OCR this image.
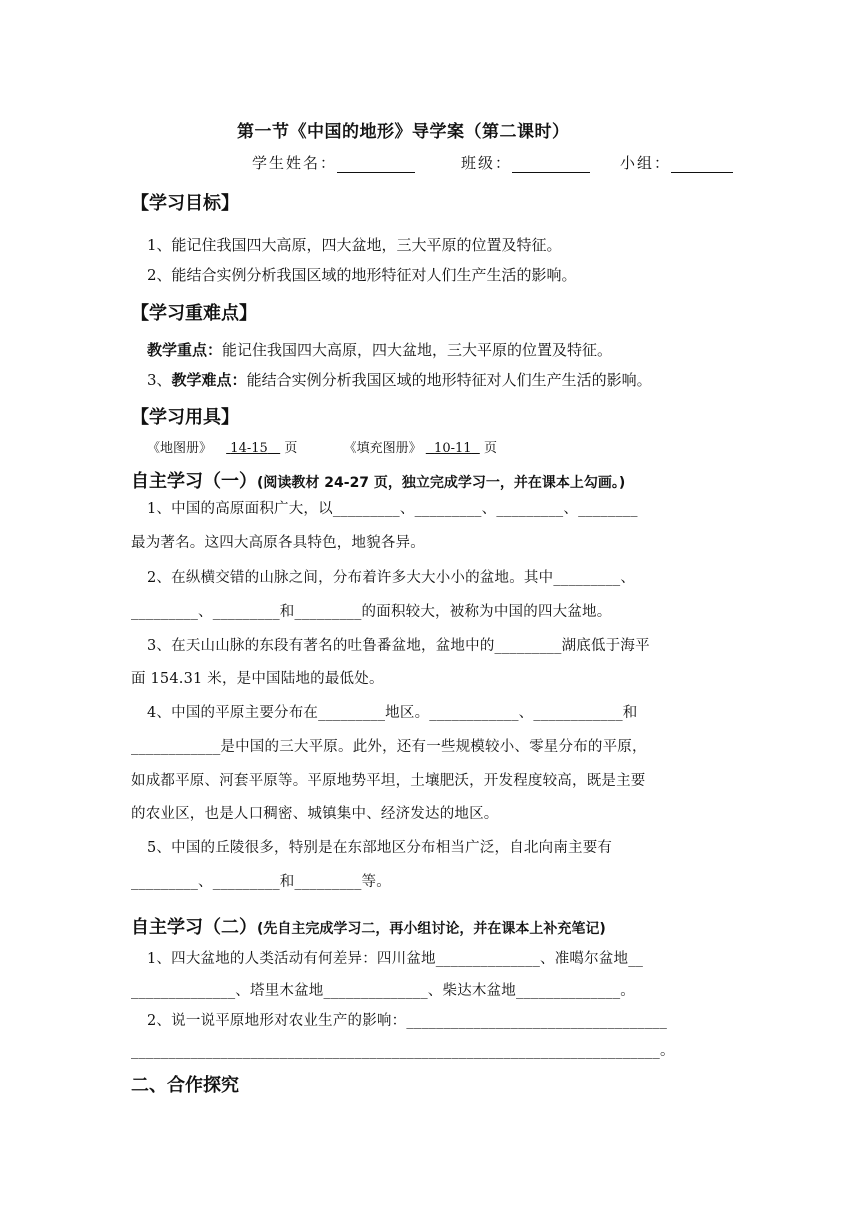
第一节《中国的地形》导学案（第二课时）
学生姓名：	班级：	小组：
【学习目标】
1、能记住我国四大高原，四大盆地，三大平原的位置及特征。
2、能结合实例分析我国区域的地形特征对人们生产生活的影响。
【学习重难点】
教学重点：能记住我国四大高原，四大盆地，三大平原的位置及特征。
3、教学难点：能结合实例分析我国区域的地形特征对人们生产生活的影响。
【学习用具】
《地图册》 14-15 页	《填充图册》 10-11 页
自主学习（一）(阅读教材 24-27 页，独立完成学习一，并在课本上勾画。)
1、中国的高原面积广大，以_________、_________、_________、________
最为著名。这四大高原各具特色，地貌各异。
2、在纵横交错的山脉之间，分布着许多大大小小的盆地。其中_________、
_________、_________和_________的面积较大，被称为中国的四大盆地。
3、在天山山脉的东段有著名的吐鲁番盆地，盆地中的_________湖底低于海平
面 154.31 米，是中国陆地的最低处。
4、中国的平原主要分布在_________地区。____________、____________和
____________是中国的三大平原。此外，还有一些规模较小、零星分布的平原，
如成都平原、河套平原等。平原地势平坦，土壤肥沃，开发程度较高，既是主要
的农业区，也是人口稠密、城镇集中、经济发达的地区。
5、中国的丘陵很多，特别是在东部地区分布相当广泛，自北向南主要有
_________、_________和_________等。
自主学习（二）(先自主完成学习二，再小组讨论，并在课本上补充笔记)
1、四大盆地的人类活动有何差异：四川盆地______________、准噶尔盆地__
______________、塔里木盆地______________、柴达木盆地______________。
2、说一说平原地形对农业生产的影响：___________________________________
_______________________________________________________________________。
二、合作探究
